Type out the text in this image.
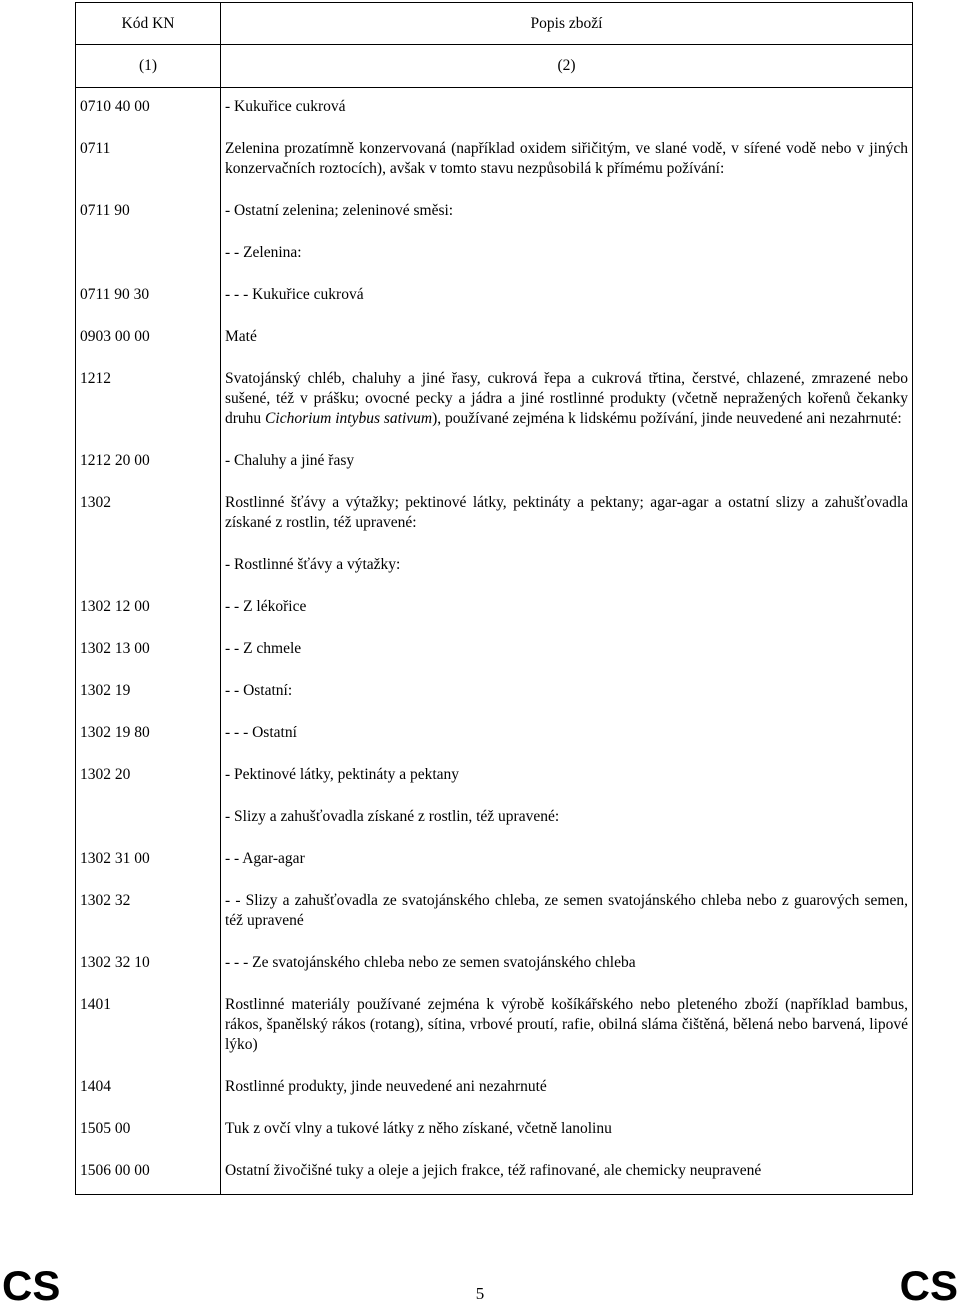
Kód KN	Popis zboží
(1)	(2)
0710 40 00	- Kukuřice cukrová
0711	Zelenina prozatímně konzervovaná (například oxidem siřičitým, ve slané vodě, v síŕené vodě nebo v jiných konzervačních roztocích), avšak v tomto stavu nezpůsobilá k přímému požívání:
0711 90	- Ostatní zelenina; zeleninové směsi:
	- - Zelenina:
0711 90 30	- - - Kukuřice cukrová
0903 00 00	Maté
1212	Svatojánský chléb, chaluhy a jiné řasy, cukrová řepa a cukrová třtina, čerstvé, chlazené, zmrazené nebo sušené, též v prášku; ovocné pecky a jádra a jiné rostlinné produkty (včetně nepražených kořenů čekanky druhu Cichorium intybus sativum), používané zejména k lidskému požívání, jinde neuvedené ani nezahrnuté:
1212 20 00	- Chaluhy a jiné řasy
1302	Rostlinné šťávy a výtažky; pektinové látky, pektináty a pektany; agar-agar a ostatní slizy a zahušťovadla získané z rostlin, též upravené:
	- Rostlinné šťávy a výtažky:
1302 12 00	- - Z lékořice
1302 13 00	- - Z chmele
1302 19	- - Ostatní:
1302 19 80	- - - Ostatní
1302 20	- Pektinové látky, pektináty a pektany
	- Slizy a zahušťovadla získané z rostlin, též upravené:
1302 31 00	- - Agar-agar
1302 32	- - Slizy a zahušťovadla ze svatojánského chleba, ze semen svatojánského chleba nebo z guarových semen, též upravené
1302 32 10	- - - Ze svatojánského chleba nebo ze semen svatojánského chleba
1401	Rostlinné materiály používané zejména k výrobě košíkářského nebo pleteného zboží (například bambus, rákos, španělský rákos (rotang), sítina, vrbové proutí, rafie, obilná sláma čištěná, bělená nebo barvená, lipové lýko)
1404	Rostlinné produkty, jinde neuvedené ani nezahrnuté
1505 00	Tuk z ovčí vlny a tukové látky z něho získané, včetně lanolinu
1506 00 00	Ostatní živočišné tuky a oleje a jejich frakce, též rafinované, ale chemicky neupravené
CS	5	CS
